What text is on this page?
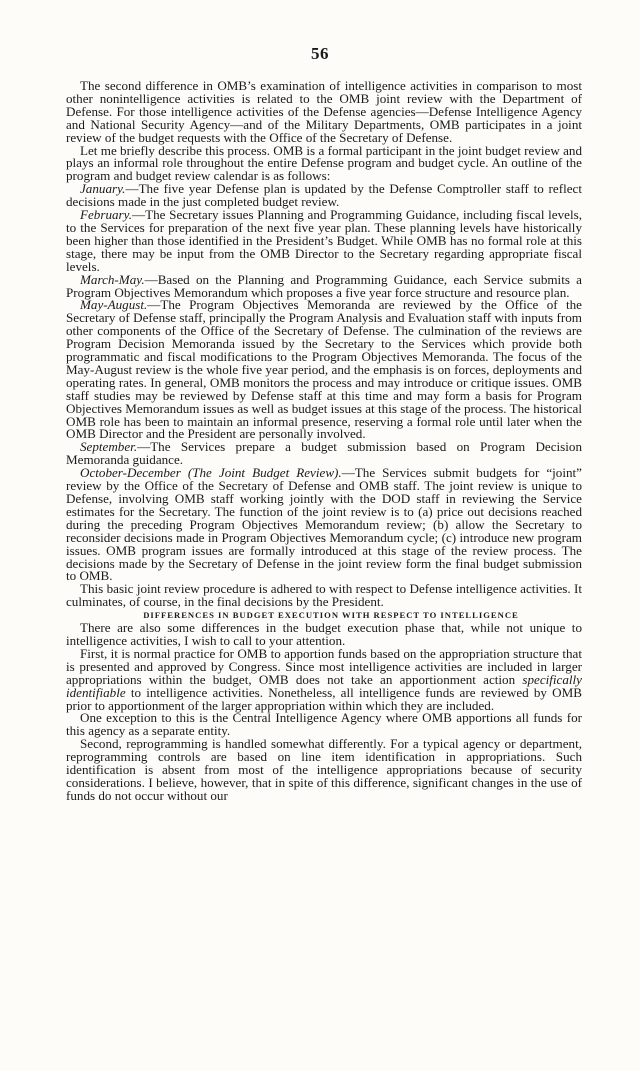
56

The second difference in OMB’s examination of intelligence activities in comparison to most other nonintelligence activities is related to the OMB joint review with the Department of Defense. For those intelligence activities of the Defense agencies—Defense Intelligence Agency and National Security Agency—and of the Military Departments, OMB participates in a joint review of the budget requests with the Office of the Secretary of Defense.

Let me briefly describe this process. OMB is a formal participant in the joint budget review and plays an informal role throughout the entire Defense program and budget cycle. An outline of the program and budget review calendar is as follows:

January.—The five year Defense plan is updated by the Defense Comptroller staff to reflect decisions made in the just completed budget review.

February.—The Secretary issues Planning and Programming Guidance, including fiscal levels, to the Services for preparation of the next five year plan. These planning levels have historically been higher than those identified in the President’s Budget. While OMB has no formal role at this stage, there may be input from the OMB Director to the Secretary regarding appropriate fiscal levels.

March-May.—Based on the Planning and Programming Guidance, each Service submits a Program Objectives Memorandum which proposes a five year force structure and resource plan.

May-August.—The Program Objectives Memoranda are reviewed by the Office of the Secretary of Defense staff, principally the Program Analysis and Evaluation staff with inputs from other components of the Office of the Secretary of Defense. The culmination of the reviews are Program Decision Memoranda issued by the Secretary to the Services which provide both programmatic and fiscal modifications to the Program Objectives Memoranda. The focus of the May-August review is the whole five year period, and the emphasis is on forces, deployments and operating rates. In general, OMB monitors the process and may introduce or critique issues. OMB staff studies may be reviewed by Defense staff at this time and may form a basis for Program Objectives Memorandum issues as well as budget issues at this stage of the process. The historical OMB role has been to maintain an informal presence, reserving a formal role until later when the OMB Director and the President are personally involved.

September.—The Services prepare a budget submission based on Program Decision Memoranda guidance.

October-December (The Joint Budget Review).—The Services submit budgets for “joint” review by the Office of the Secretary of Defense and OMB staff. The joint review is unique to Defense, involving OMB staff working jointly with the DOD staff in reviewing the Service estimates for the Secretary. The function of the joint review is to (a) price out decisions reached during the preceding Program Objectives Memorandum review; (b) allow the Secretary to reconsider decisions made in Program Objectives Memorandum cycle; (c) introduce new program issues. OMB program issues are formally introduced at this stage of the review process. The decisions made by the Secretary of Defense in the joint review form the final budget submission to OMB.

This basic joint review procedure is adhered to with respect to Defense intelligence activities. It culminates, of course, in the final decisions by the President.

DIFFERENCES IN BUDGET EXECUTION WITH RESPECT TO INTELLIGENCE

There are also some differences in the budget execution phase that, while not unique to intelligence activities, I wish to call to your attention.

First, it is normal practice for OMB to apportion funds based on the appropriation structure that is presented and approved by Congress. Since most intelligence activities are included in larger appropriations within the budget, OMB does not take an apportionment action specifically identifiable to intelligence activities. Nonetheless, all intelligence funds are reviewed by OMB prior to apportionment of the larger appropriation within which they are included.

One exception to this is the Central Intelligence Agency where OMB apportions all funds for this agency as a separate entity.

Second, reprogramming is handled somewhat differently. For a typical agency or department, reprogramming controls are based on line item identification in appropriations. Such identification is absent from most of the intelligence appropriations because of security considerations. I believe, however, that in spite of this difference, significant changes in the use of funds do not occur without our
